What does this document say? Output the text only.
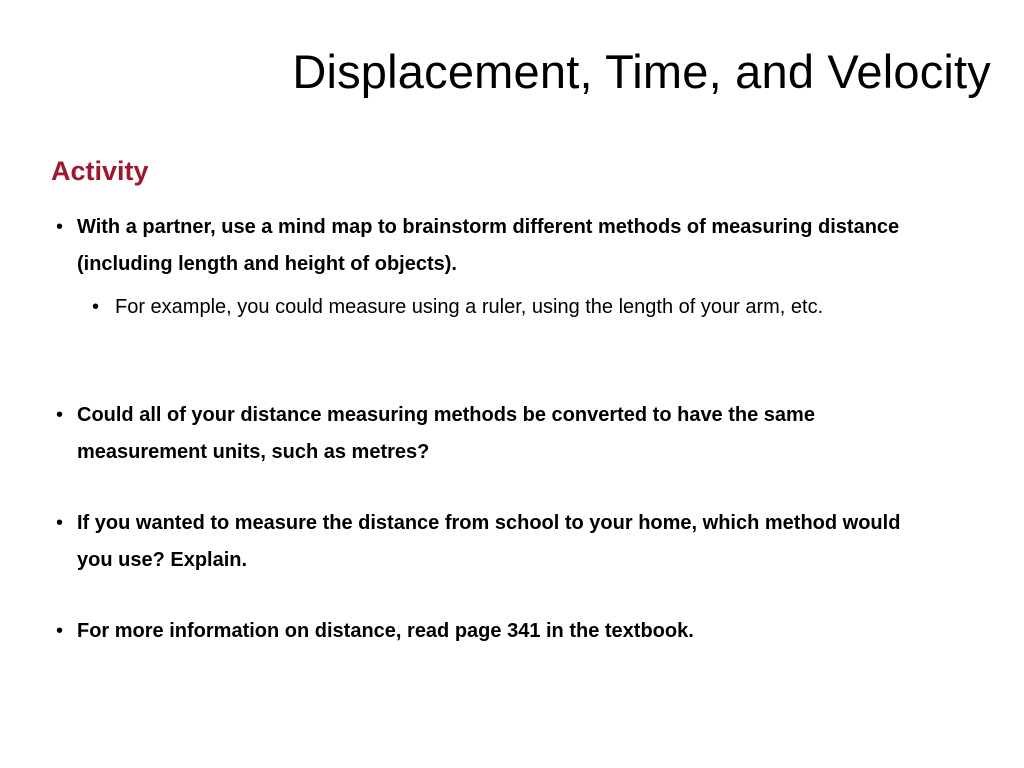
Displacement, Time, and Velocity
Activity
• With a partner, use a mind map to brainstorm different methods of measuring distance (including length and height of objects).
• For example, you could measure using a ruler, using the length of your arm, etc.
• Could all of your distance measuring methods be converted to have the same measurement units, such as metres?
• If you wanted to measure the distance from school to your home, which method would you use? Explain.
• For more information on distance, read page 341 in the textbook.
